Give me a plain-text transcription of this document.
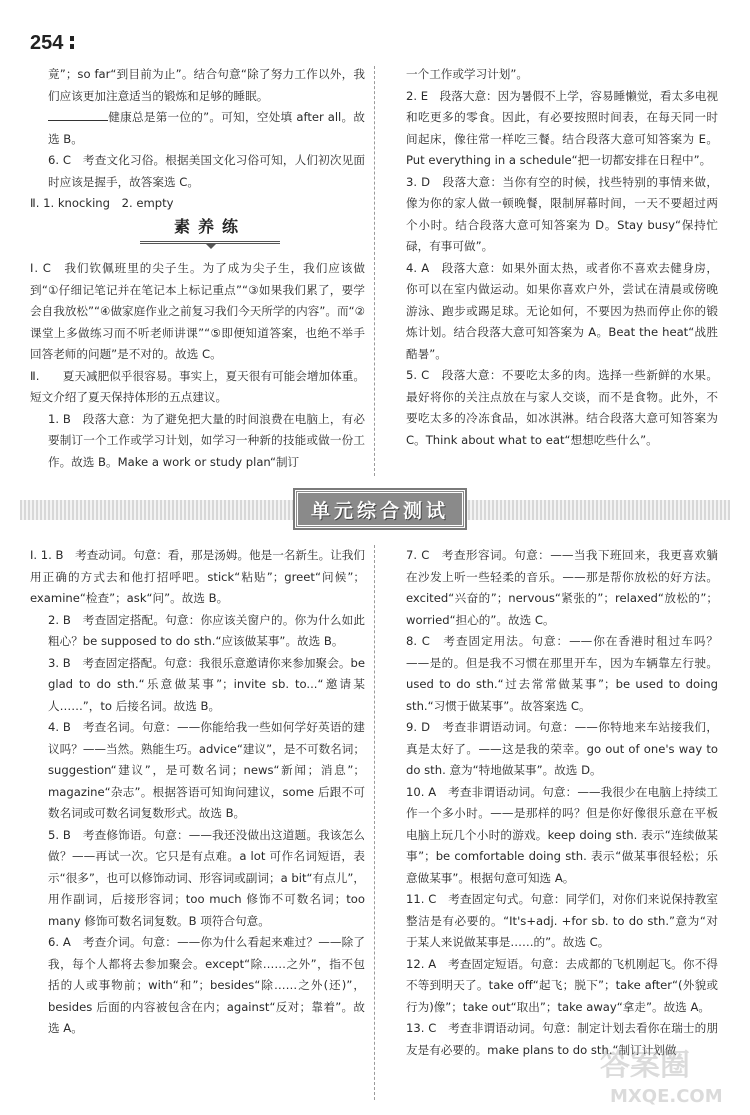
254

竟”；so far“到目前为止”。结合句意“除了努力工作以外，我们应该更加注意适当的锻炼和足够的睡眠。

健康总是第一位的”。可知，空处填 after all。故选 B。

6. C　考查文化习俗。根据美国文化习俗可知，人们初次见面时应该是握手，故答案选 C。

Ⅱ. 1. knocking　2. empty

素养练

Ⅰ. C　我们钦佩班里的尖子生。为了成为尖子生，我们应该做到“①仔细记笔记并在笔记本上标记重点”“③如果我们累了，要学会自我放松”“④做家庭作业之前复习我们今天所学的内容”。而“②课堂上多做练习而不听老师讲课”“⑤即便知道答案，也绝不举手回答老师的问题”是不对的。故选 C。

Ⅱ.　　夏天减肥似乎很容易。事实上，夏天很有可能会增加体重。短文介绍了夏天保持体形的五点建议。

1. B　段落大意：为了避免把大量的时间浪费在电脑上，有必要制订一个工作或学习计划，如学习一种新的技能或做一份工作。故选 B。Make a work or study plan“制订

一个工作或学习计划”。

2. E　段落大意：因为暑假不上学，容易睡懒觉，看太多电视和吃更多的零食。因此，有必要按照时间表，在每天同一时间起床，像往常一样吃三餐。结合段落大意可知答案为 E。Put everything in a schedule“把一切都安排在日程中”。

3. D　段落大意：当你有空的时候，找些特别的事情来做，像为你的家人做一顿晚餐，限制屏幕时间，一天不要超过两个小时。结合段落大意可知答案为 D。Stay busy“保持忙碌，有事可做”。

4. A　段落大意：如果外面太热，或者你不喜欢去健身房，你可以在室内做运动。如果你喜欢户外，尝试在清晨或傍晚游泳、跑步或踢足球。无论如何，不要因为热而停止你的锻炼计划。结合段落大意可知答案为 A。Beat the heat“战胜酷暑”。

5. C　段落大意：不要吃太多的肉。选择一些新鲜的水果。最好将你的关注点放在与家人交谈，而不是食物。此外，不要吃太多的冷冻食品，如冰淇淋。结合段落大意可知答案为 C。Think about what to eat“想想吃些什么”。

单元综合测试

Ⅰ. 1. B　考查动词。句意：看，那是汤姆。他是一名新生。让我们用正确的方式去和他打招呼吧。stick“粘贴”；greet“问候”；examine“检查”；ask“问”。故选 B。

2. B　考查固定搭配。句意：你应该关窗户的。你为什么如此粗心？be supposed to do sth.“应该做某事”。故选 B。

3. B　考查固定搭配。句意：我很乐意邀请你来参加聚会。be glad to do sth.“乐意做某事”；invite sb. to...“邀请某人……”，to 后接名词。故选 B。

4. B　考查名词。句意：——你能给我一些如何学好英语的建议吗？——当然。熟能生巧。advice“建议”，是不可数名词；suggestion“建议”，是可数名词；news“新闻；消息”；magazine“杂志”。根据答语可知询问建议，some 后跟不可数名词或可数名词复数形式。故选 B。

5. B　考查修饰语。句意：——我还没做出这道题。我该怎么做？——再试一次。它只是有点难。a lot 可作名词短语，表示“很多”，也可以修饰动词、形容词或副词；a bit“有点儿”，用作副词，后接形容词；too much 修饰不可数名词；too many 修饰可数名词复数。B 项符合句意。

6. A　考查介词。句意：——你为什么看起来难过？——除了我，每个人都将去参加聚会。except“除……之外”，指不包括的人或事物前；with“和”；besides“除……之外(还)”，besides 后面的内容被包含在内；against“反对；靠着”。故选 A。

7. C　考查形容词。句意：——当我下班回来，我更喜欢躺在沙发上听一些轻柔的音乐。——那是帮你放松的好方法。excited“兴奋的”；nervous“紧张的”；relaxed“放松的”；worried“担心的”。故选 C。

8. C　考查固定用法。句意：——你在香港时租过车吗？——是的。但是我不习惯在那里开车，因为车辆靠左行驶。used to do sth.“过去常常做某事”；be used to doing sth.“习惯于做某事”。故答案选 C。

9. D　考查非谓语动词。句意：——你特地来车站接我们，真是太好了。——这是我的荣幸。go out of one's way to do sth. 意为“特地做某事”。故选 D。

10. A　考查非谓语动词。句意：——我很少在电脑上持续工作一个多小时。——是那样的吗？但是你好像很乐意在平板电脑上玩几个小时的游戏。keep doing sth. 表示“连续做某事”；be comfortable doing sth. 表示“做某事很轻松；乐意做某事”。根据句意可知选 A。

11. C　考查固定句式。句意：同学们，对你们来说保持教室整洁是有必要的。“It's+adj. +for sb. to do sth.”意为“对于某人来说做某事是……的”。故选 C。

12. A　考查固定短语。句意：去成都的飞机刚起飞。你不得不等到明天了。take off“起飞；脱下”；take after“(外貌或行为)像”；take out“取出”；take away“拿走”。故选 A。

13. C　考查非谓语动词。句意：制定计划去看你在瑞士的朋友是有必要的。make plans to do sth.“制订计划做

答案圈
MXQE.COM
